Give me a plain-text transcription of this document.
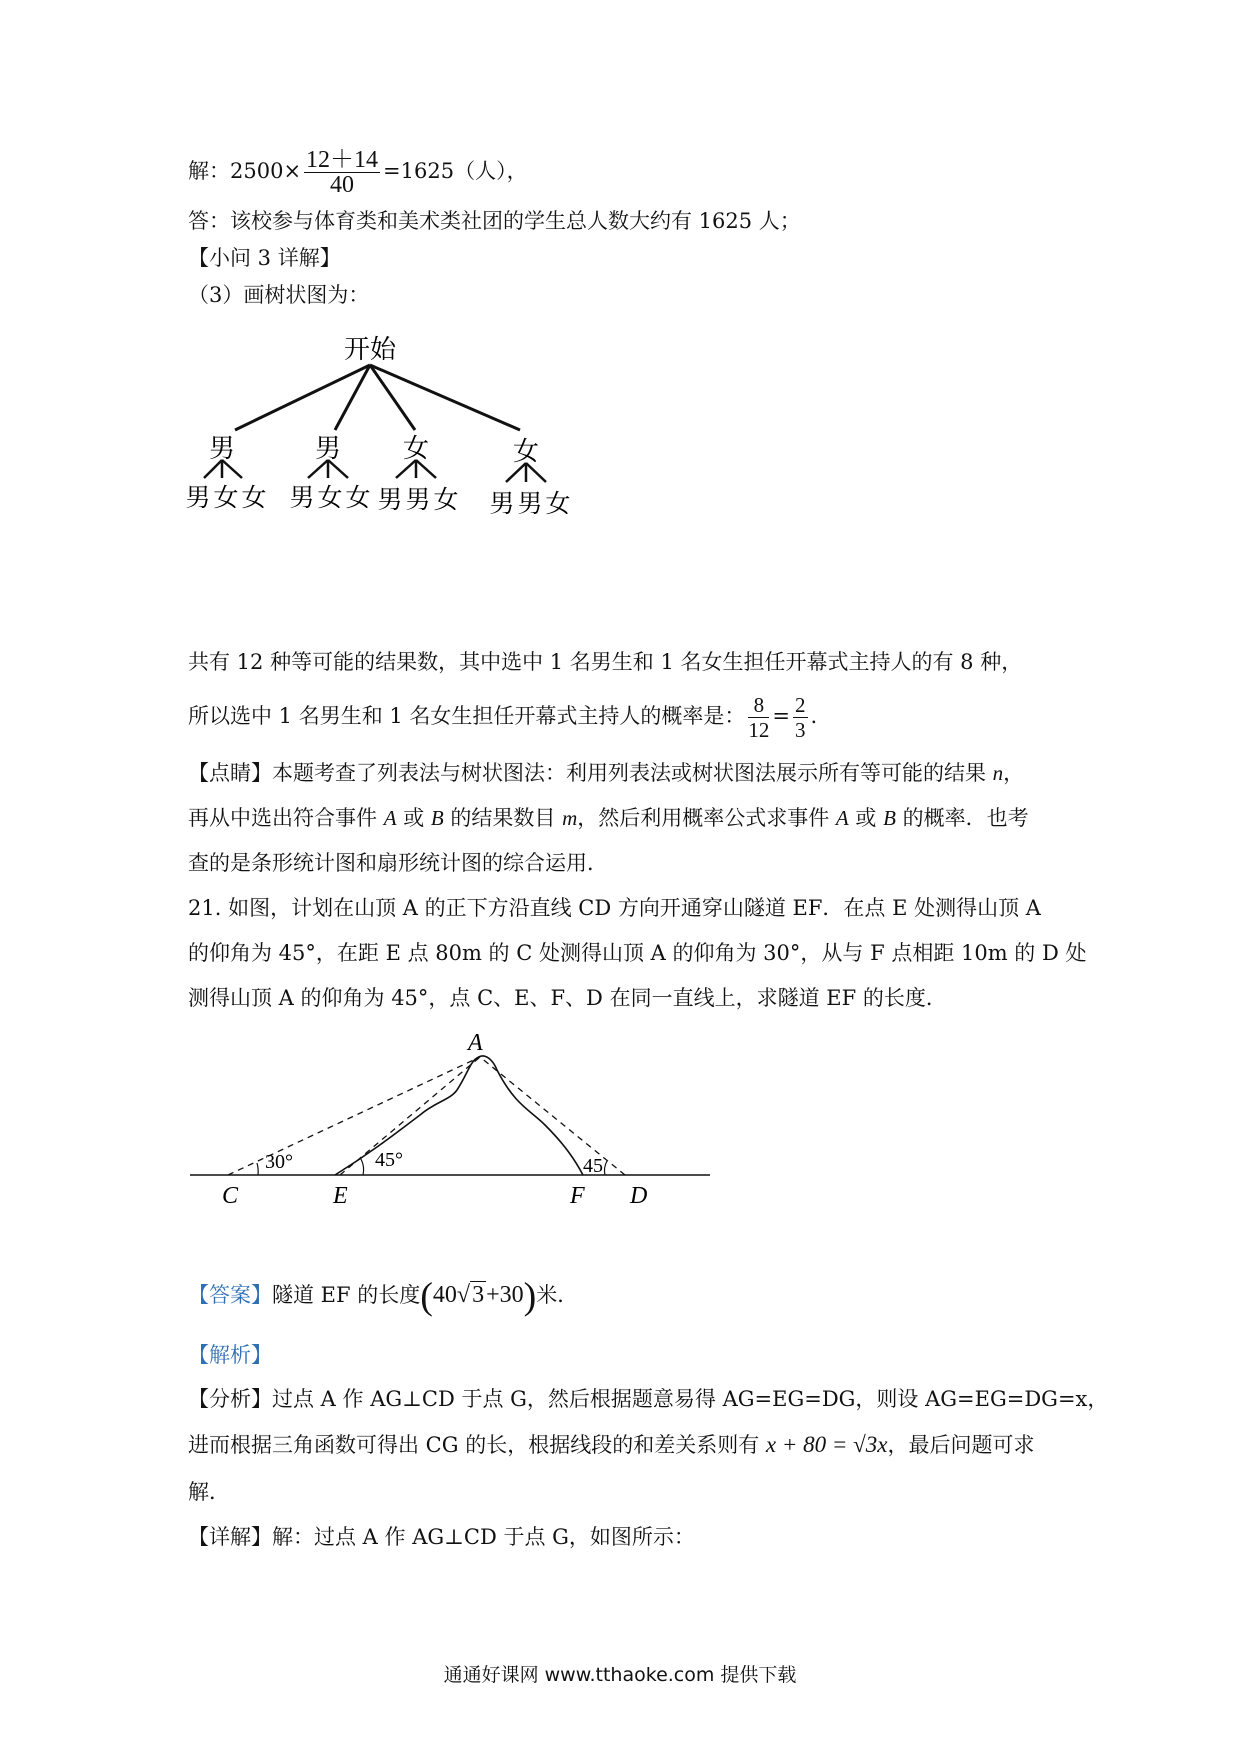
解：$2500\times \frac{12+14}{40} =1625$（人），
答：该校参与体育类和美术类社团的学生总人数大约有 1625 人；
【小问 3 详解】
（3）画树状图为：
开始
男	男 女	女
男 女 女 男 女 女 男 男 女 男 男 女
共有 12 种等可能的结果数，其中选中 1 名男生和 1 名女生担任开幕式主持人的有 8 种，
所以选中 1 名男生和 1 名女生担任开幕式主持人的概率是： $\frac{8}{12} = \frac{2}{3}$ .
【点睛】本题考查了列表法与树状图法：利用列表法或树状图法展示所有等可能的结果 n，
再从中选出符合事件 A 或 B 的结果数目 m，然后利用概率公式求事件 A 或 B 的概率．也考
查的是条形统计图和扇形统计图的综合运用．
21. 如图，计划在山顶 A 的正下方沿直线 CD 方向开通穿山隧道 EF．在点 E 处测得山顶 A
的仰角为 45°，在距 E 点 80m 的 C 处测得山顶 A 的仰角为 30°，从与 F 点相距 10m 的 D 处
测得山顶 A 的仰角为 45°，点 C、E、F、D 在同一直线上，求隧道 EF 的长度．
A
C	E	F D
30°	45°	45
【答案】隧道 EF 的长度(40√3+30)米．
【解析】
【分析】过点 A 作 AG⊥CD 于点 G，然后根据题意易得 AG=EG=DG，则设 AG=EG=DG=x，
进而根据三角函数可得出 CG 的长，根据线段的和差关系则有 x + 80 = √3x，最后问题可求
解．
【详解】解：过点 A 作 AG⊥CD 于点 G，如图所示：
通通好课网 www.tthaoke.com 提供下载
